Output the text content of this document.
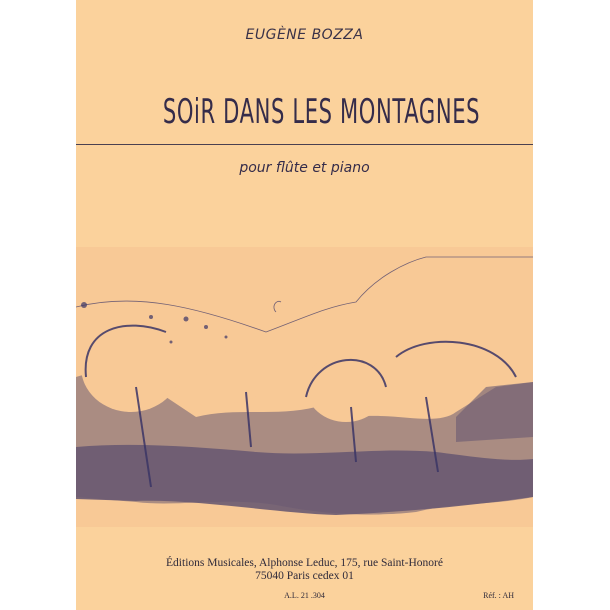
EUGÈNE BOZZA
SOiR DANS LES MONTAGNES
pour flûte et piano
Éditions Musicales, Alphonse Leduc, 175, rue Saint-Honoré
75040 Paris cedex 01
A.L. 21 .304	Réf. : AH
